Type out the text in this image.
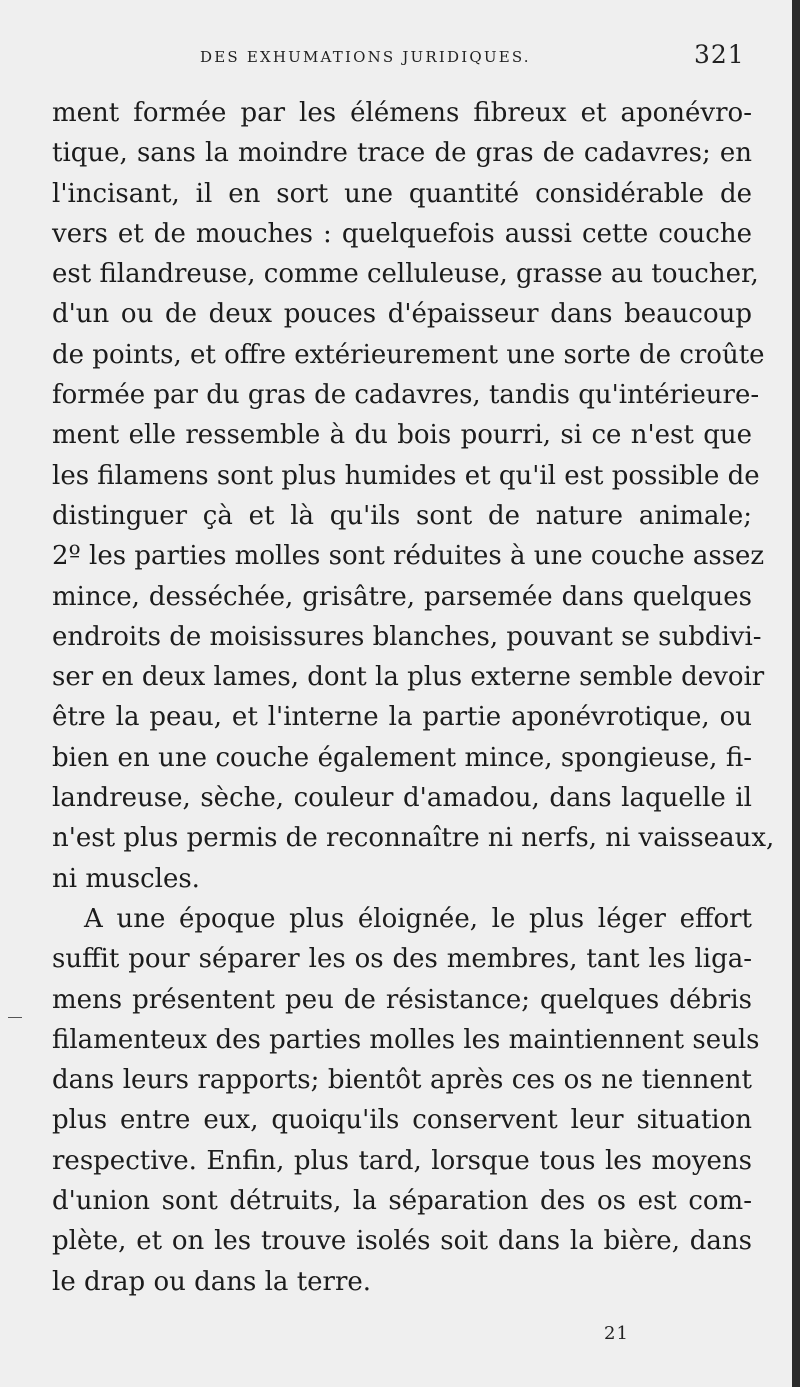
DES EXHUMATIONS JURIDIQUES.	321
ment formée par les élémens fibreux et aponévro-
tique, sans la moindre trace de gras de cadavres; en
l'incisant, il en sort une quantité considérable de
vers et de mouches : quelquefois aussi cette couche
est filandreuse, comme celluleuse, grasse au toucher,
d'un ou de deux pouces d'épaisseur dans beaucoup
de points, et offre extérieurement une sorte de croûte
formée par du gras de cadavres, tandis qu'intérieure-
ment elle ressemble à du bois pourri, si ce n'est que
les filamens sont plus humides et qu'il est possible de
distinguer çà et là qu'ils sont de nature animale;
2º les parties molles sont réduites à une couche assez
mince, desséchée, grisâtre, parsemée dans quelques
endroits de moisissures blanches, pouvant se subdivi-
ser en deux lames, dont la plus externe semble devoir
être la peau, et l'interne la partie aponévrotique, ou
bien en une couche également mince, spongieuse, fi-
landreuse, sèche, couleur d'amadou, dans laquelle il
n'est plus permis de reconnaître ni nerfs, ni vaisseaux,
ni muscles.
A une époque plus éloignée, le plus léger effort
suffit pour séparer les os des membres, tant les liga-
mens présentent peu de résistance; quelques débris
filamenteux des parties molles les maintiennent seuls
dans leurs rapports; bientôt après ces os ne tiennent
plus entre eux, quoiqu'ils conservent leur situation
respective. Enfin, plus tard, lorsque tous les moyens
d'union sont détruits, la séparation des os est com-
plète, et on les trouve isolés soit dans la bière, dans
le drap ou dans la terre.
21
